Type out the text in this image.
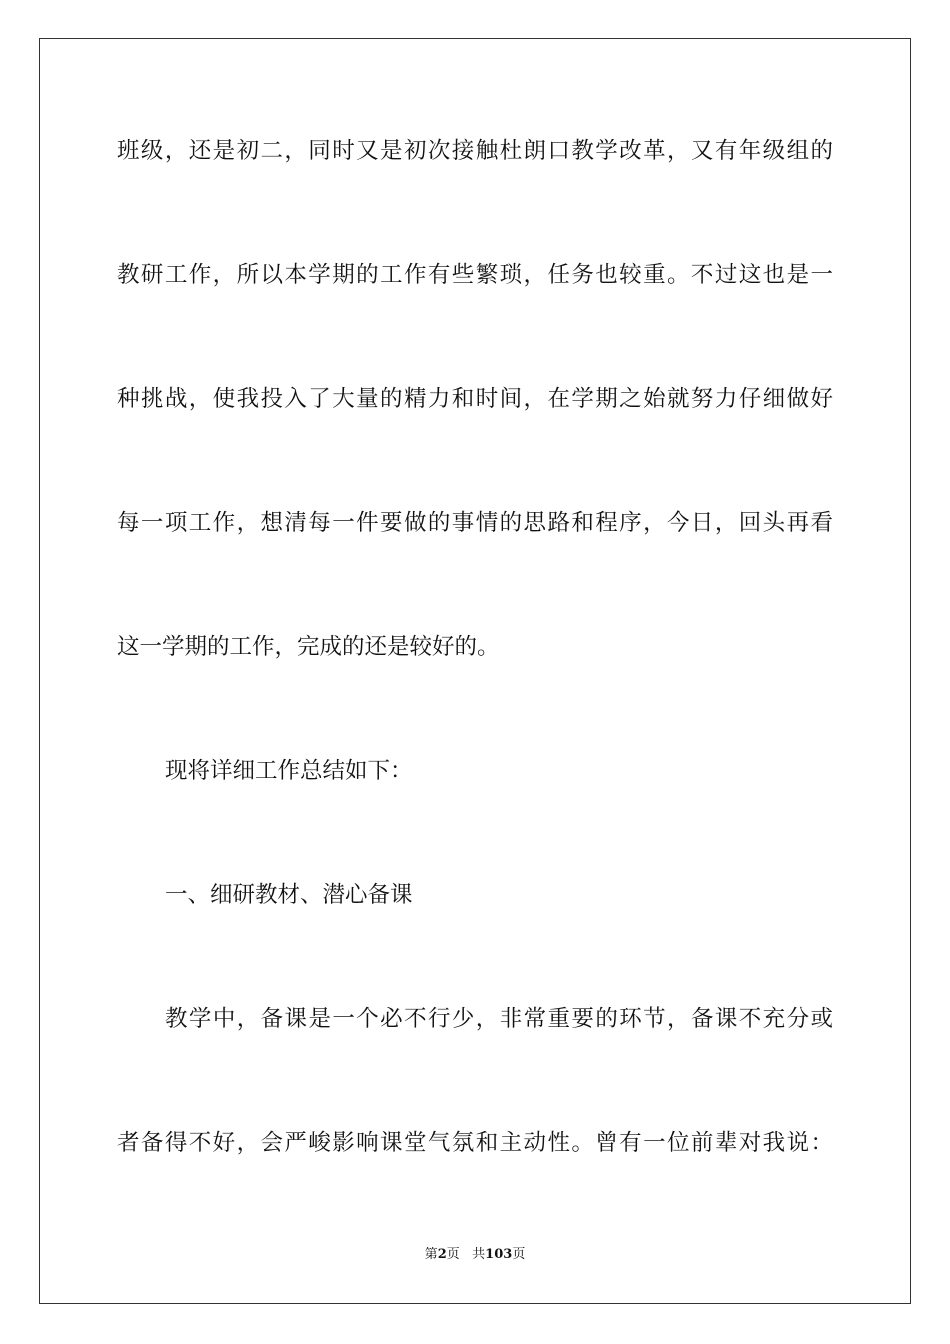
班级，还是初二，同时又是初次接触杜朗口教学改革，又有年级组的
教研工作，所以本学期的工作有些繁琐，任务也较重。不过这也是一
种挑战，使我投入了大量的精力和时间，在学期之始就努力仔细做好
每一项工作，想清每一件要做的事情的思路和程序，今日，回头再看
这一学期的工作，完成的还是较好的。
现将详细工作总结如下：
一、细研教材、潜心备课
教学中，备课是一个必不行少，非常重要的环节，备课不充分或
者备得不好，会严峻影响课堂气氛和主动性。曾有一位前辈对我说：
第2页 共103页
